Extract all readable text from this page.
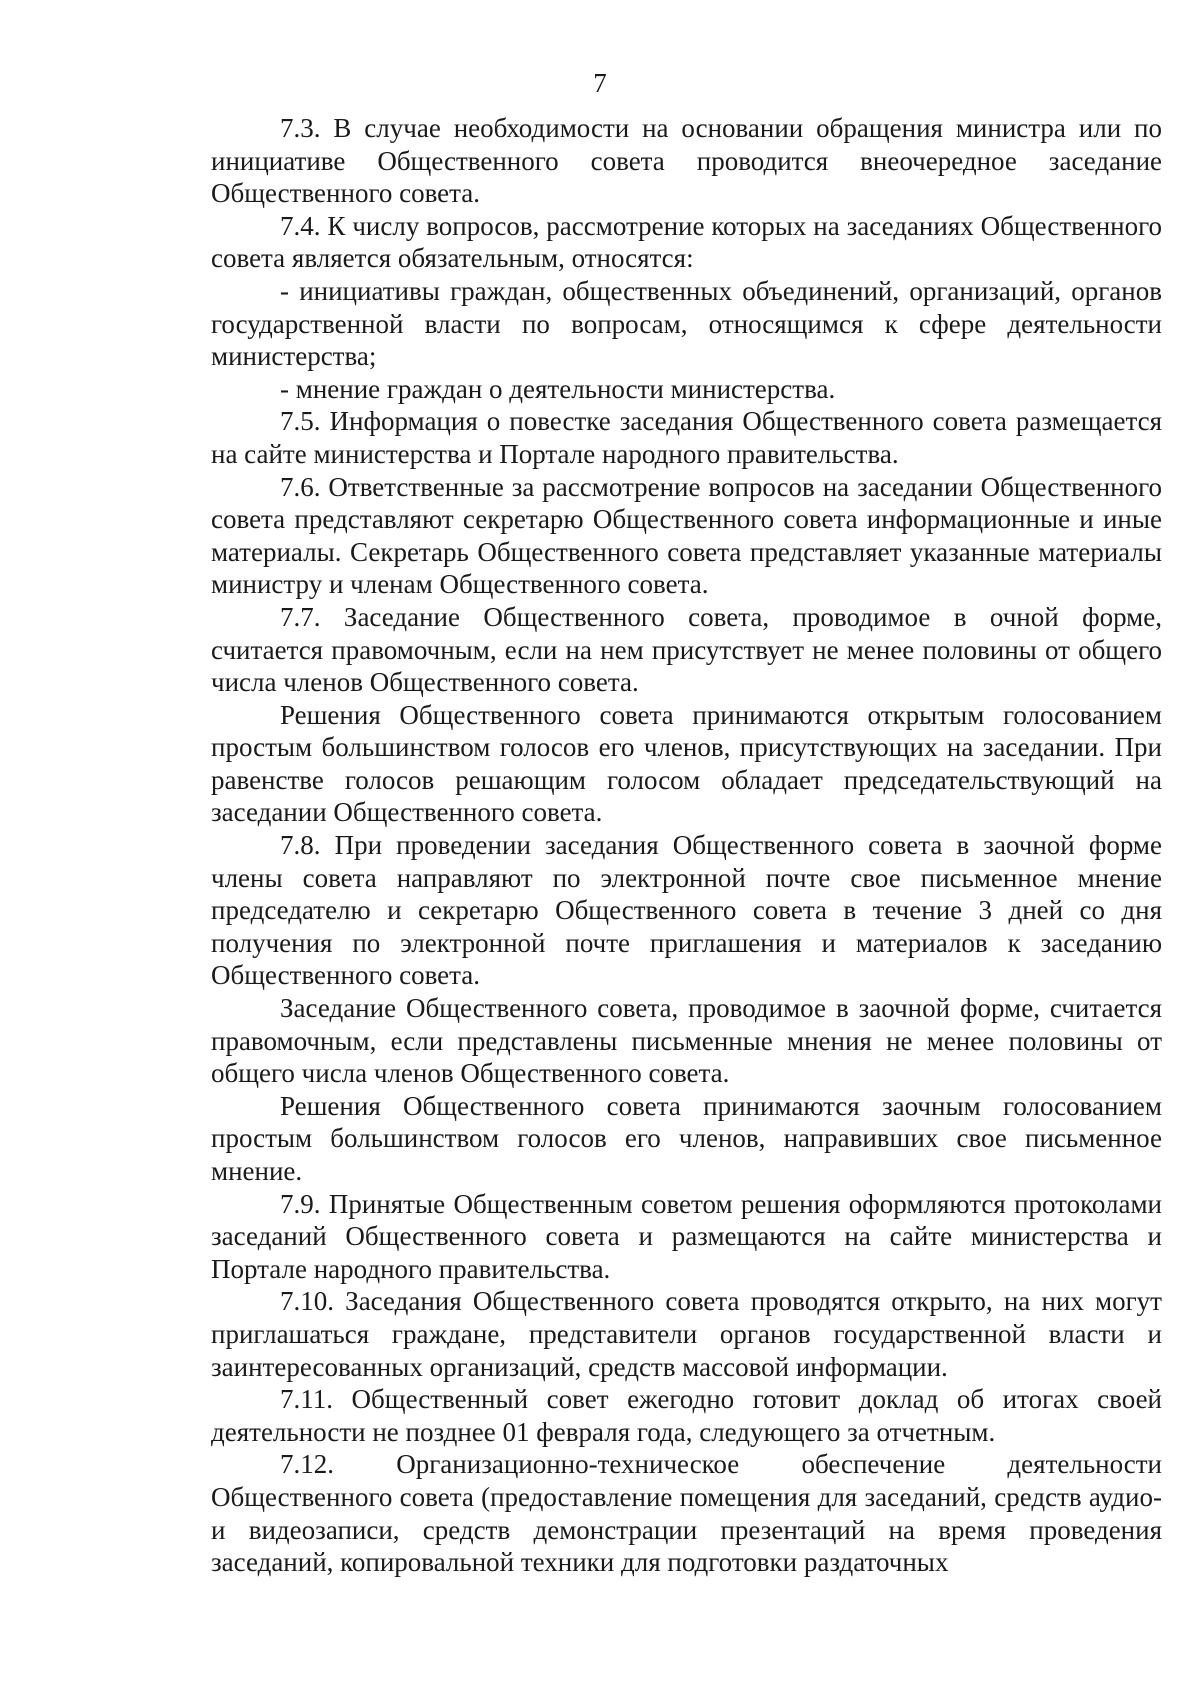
7

7.3. В случае необходимости на основании обращения министра или по инициативе Общественного совета проводится внеочередное заседание Общественного совета.

7.4. К числу вопросов, рассмотрение которых на заседаниях Общественного совета является обязательным, относятся:

- инициативы граждан, общественных объединений, организаций, органов государственной власти по вопросам, относящимся к сфере деятельности министерства;

- мнение граждан о деятельности министерства.

7.5. Информация о повестке заседания Общественного совета размещается на сайте министерства и Портале народного правительства.

7.6. Ответственные за рассмотрение вопросов на заседании Общественного совета представляют секретарю Общественного совета информационные и иные материалы. Секретарь Общественного совета представляет указанные материалы министру и членам Общественного совета.

7.7. Заседание Общественного совета, проводимое в очной форме, считается правомочным, если на нем присутствует не менее половины от общего числа членов Общественного совета.

Решения Общественного совета принимаются открытым голосованием простым большинством голосов его членов, присутствующих на заседании. При равенстве голосов решающим голосом обладает председательствующий на заседании Общественного совета.

7.8. При проведении заседания Общественного совета в заочной форме члены совета направляют по электронной почте свое письменное мнение председателю и секретарю Общественного совета в течение 3 дней со дня получения по электронной почте приглашения и материалов к заседанию Общественного совета.

Заседание Общественного совета, проводимое в заочной форме, считается правомочным, если представлены письменные мнения не менее половины от общего числа членов Общественного совета.

Решения Общественного совета принимаются заочным голосованием простым большинством голосов его членов, направивших свое письменное мнение.

7.9. Принятые Общественным советом решения оформляются протоколами заседаний Общественного совета и размещаются на сайте министерства и Портале народного правительства.

7.10. Заседания Общественного совета проводятся открыто, на них могут приглашаться граждане, представители органов государственной власти и заинтересованных организаций, средств массовой информации.

7.11. Общественный совет ежегодно готовит доклад об итогах своей деятельности не позднее 01 февраля года, следующего за отчетным.

7.12. Организационно-техническое обеспечение деятельности Общественного совета (предоставление помещения для заседаний, средств аудио- и видеозаписи, средств демонстрации презентаций на время проведения заседаний, копировальной техники для подготовки раздаточных
